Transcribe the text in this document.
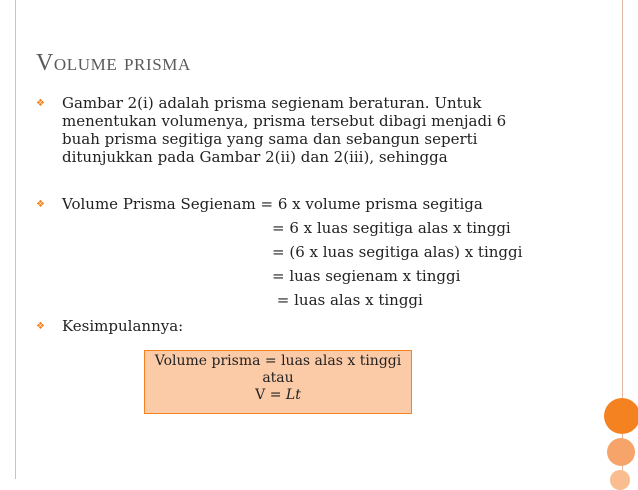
Volume prisma
❖ Gambar 2(i) adalah prisma segienam beraturan. Untuk
menentukan volumenya, prisma tersebut dibagi menjadi 6
buah prisma segitiga yang sama dan sebangun seperti
ditunjukkan pada Gambar 2(ii) dan 2(iii), sehingga
❖ Volume Prisma Segienam = 6 x volume prisma segitiga
= 6 x luas segitiga alas x tinggi
= (6 x luas segitiga alas) x tinggi
= luas segienam x tinggi
= luas alas x tinggi
❖ Kesimpulannya:
Volume prisma = luas alas x tinggi
atau
V = Lt
